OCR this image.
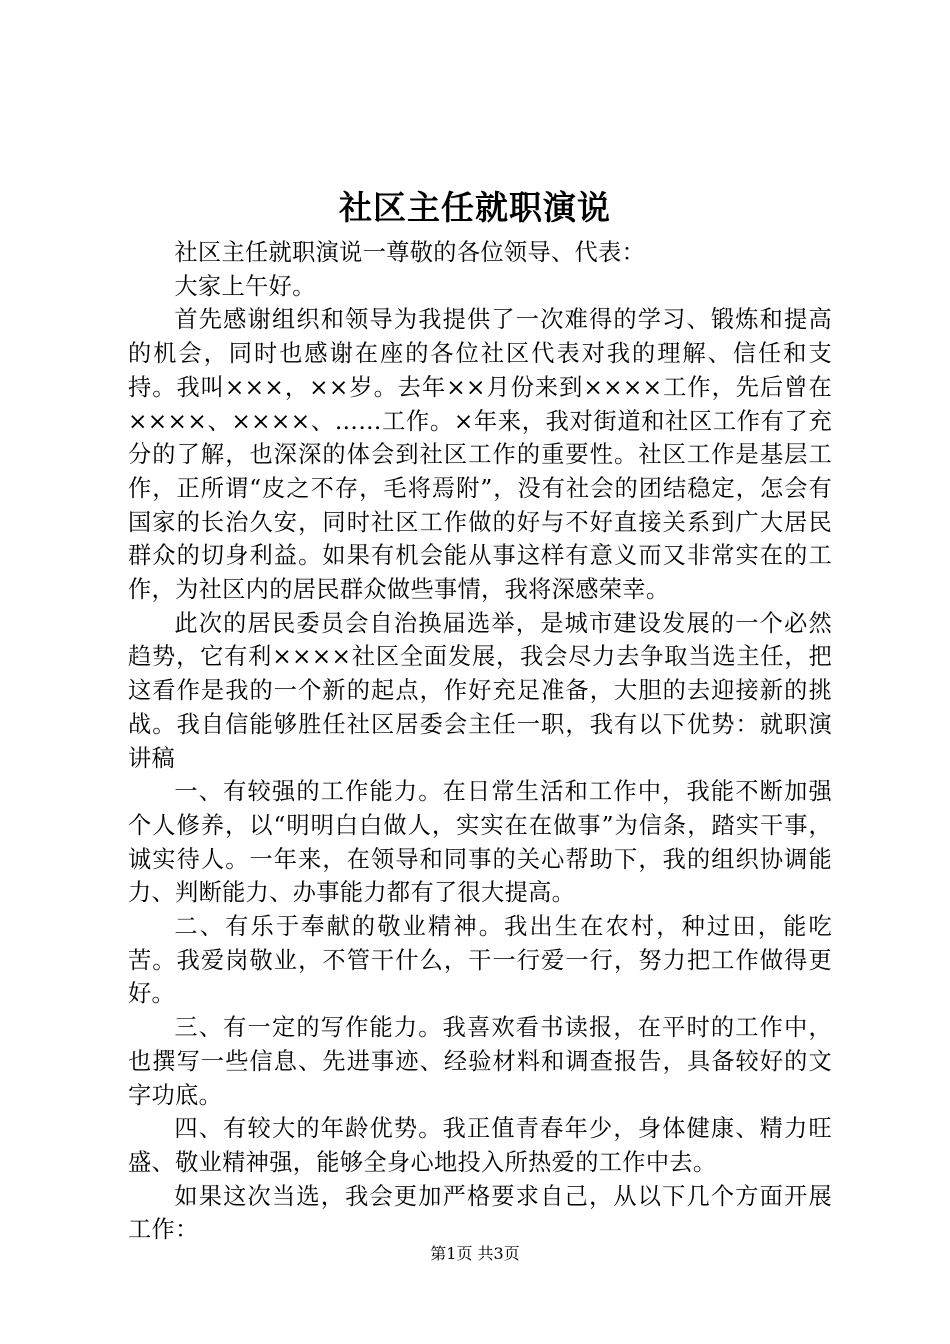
社区主任就职演说

社区主任就职演说一尊敬的各位领导、代表：

大家上午好。

首先感谢组织和领导为我提供了一次难得的学习、锻炼和提高的机会，同时也感谢在座的各位社区代表对我的理解、信任和支持。我叫×××，××岁。去年××月份来到××××工作，先后曾在××××、××××、……工作。×年来，我对街道和社区工作有了充分的了解，也深深的体会到社区工作的重要性。社区工作是基层工作，正所谓“皮之不存，毛将焉附”，没有社会的团结稳定，怎会有国家的长治久安，同时社区工作做的好与不好直接关系到广大居民群众的切身利益。如果有机会能从事这样有意义而又非常实在的工作，为社区内的居民群众做些事情，我将深感荣幸。

此次的居民委员会自治换届选举，是城市建设发展的一个必然趋势，它有利××××社区全面发展，我会尽力去争取当选主任，把这看作是我的一个新的起点，作好充足准备，大胆的去迎接新的挑战。我自信能够胜任社区居委会主任一职，我有以下优势：就职演讲稿

一、有较强的工作能力。在日常生活和工作中，我能不断加强个人修养，以“明明白白做人，实实在在做事”为信条，踏实干事，诚实待人。一年来，在领导和同事的关心帮助下，我的组织协调能力、判断能力、办事能力都有了很大提高。

二、有乐于奉献的敬业精神。我出生在农村，种过田，能吃苦。我爱岗敬业，不管干什么，干一行爱一行，努力把工作做得更好。

三、有一定的写作能力。我喜欢看书读报，在平时的工作中，也撰写一些信息、先进事迹、经验材料和调查报告，具备较好的文字功底。

四、有较大的年龄优势。我正值青春年少，身体健康、精力旺盛、敬业精神强，能够全身心地投入所热爱的工作中去。

如果这次当选，我会更加严格要求自己，从以下几个方面开展工作：

第1页 共3页
